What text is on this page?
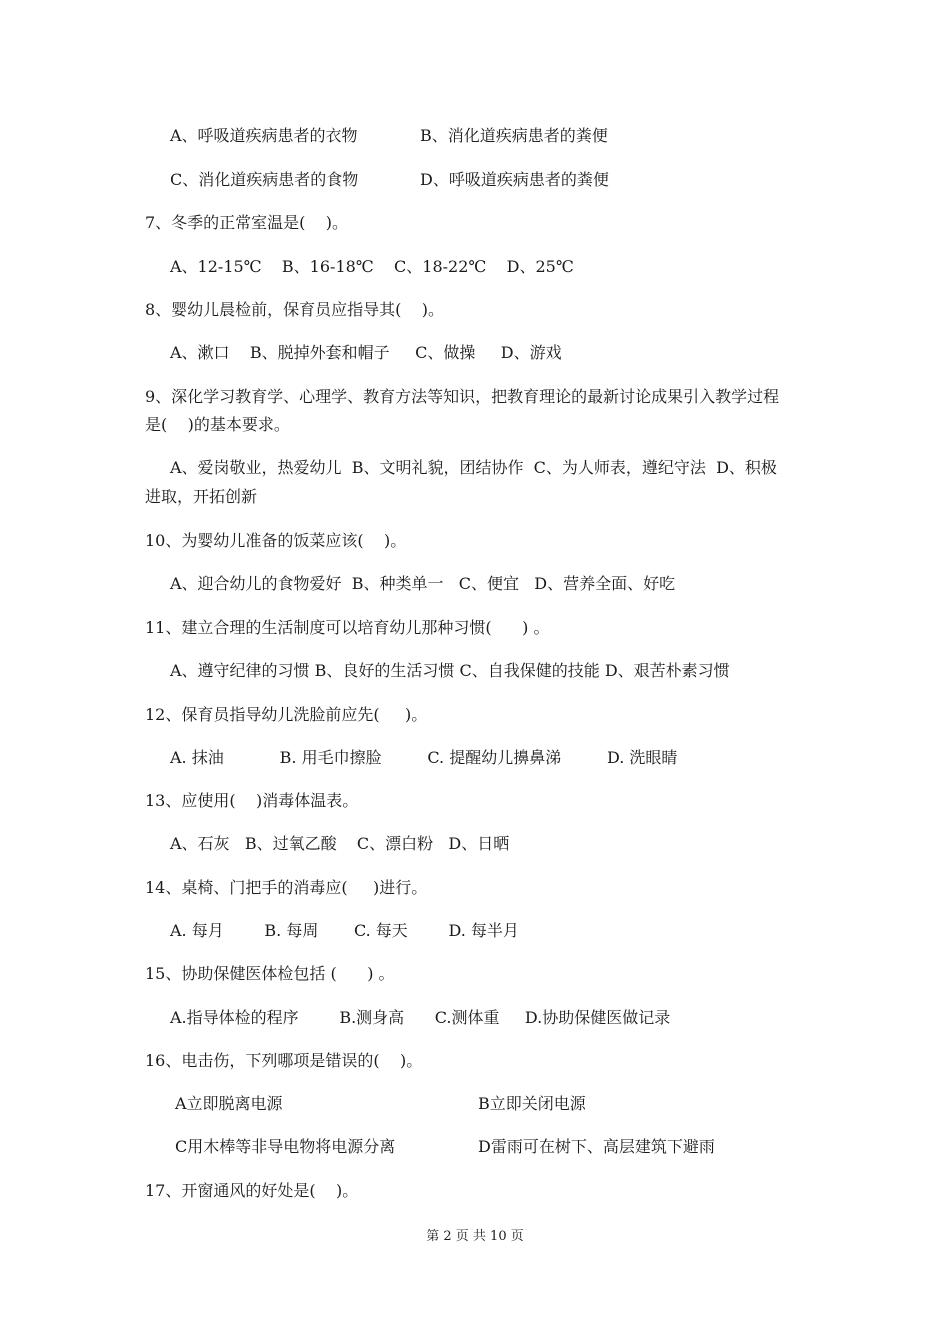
A、呼吸道疾病患者的衣物	B、消化道疾病患者的粪便
C、消化道疾病患者的食物	D、呼吸道疾病患者的粪便
7、冬季的正常室温是(    )。
A、12-15℃    B、16-18℃    C、18-22℃    D、25℃
8、婴幼儿晨检前，保育员应指导其(    )。
A、漱口    B、脱掉外套和帽子     C、做操     D、游戏
9、深化学习教育学、心理学、教育方法等知识，把教育理论的最新讨论成果引入教学过程
是(    )的基本要求。
A、爱岗敬业，热爱幼儿  B、文明礼貌，团结协作  C、为人师表，遵纪守法  D、积极
进取，开拓创新
10、为婴幼儿准备的饭菜应该(    )。
A、迎合幼儿的食物爱好  B、种类单一   C、便宜   D、营养全面、好吃
11、建立合理的生活制度可以培育幼儿那种习惯(      ) 。
A、遵守纪律的习惯 B、良好的生活习惯 C、自我保健的技能 D、艰苦朴素习惯
12、保育员指导幼儿洗脸前应先(     )。
A. 抹油           B. 用毛巾擦脸         C. 提醒幼儿擤鼻涕         D. 洗眼睛
13、应使用(    )消毒体温表。
A、石灰   B、过氧乙酸    C、漂白粉   D、日晒
14、桌椅、门把手的消毒应(     )进行。
A. 每月        B. 每周       C. 每天        D. 每半月
15、协助保健医体检包括 (      ) 。
A.指导体检的程序        B.测身高      C.测体重     D.协助保健医做记录
16、电击伤，下列哪项是错误的(    )。
A立即脱离电源	B立即关闭电源
C用木棒等非导电物将电源分离	D雷雨可在树下、高层建筑下避雨
17、开窗通风的好处是(    )。
第 2 页 共 10 页
